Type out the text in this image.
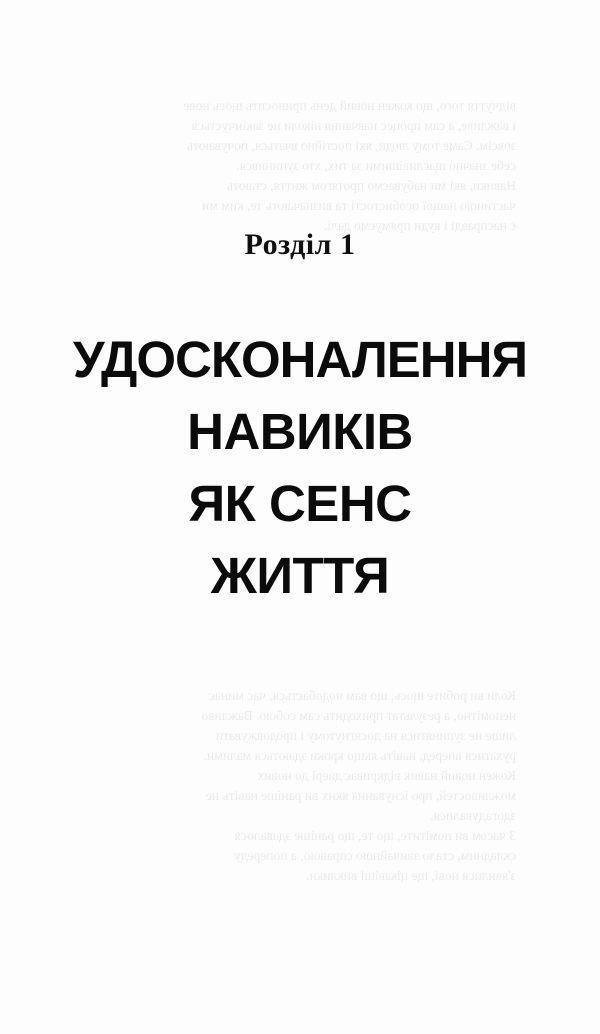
відчуття того, що кожен новий день приносить щось нове

і важливе, а сам процес навчання ніколи не закінчується

зовсім. Саме тому люди, які постійно вчаться, почувають

себе значно щасливішими за тих, хто зупинився.

Навики, які ми набуваємо протягом життя, стають

частиною нашої особистості та визначають те, ким ми

є насправді і куди прямуємо далі.

Розділ 1

УДОСКОНАЛЕННЯ
НАВИКІВ
ЯК СЕНС
ЖИТТЯ

Коли ви робите щось, що вам подобається, час минає

непомітно, а результат приходить сам собою. Важливо

лише не зупинятися на досягнутому і продовжувати

рухатися вперед, навіть якщо кроки здаються малими.

Кожен новий навик відкриває двері до нових

можливостей, про існування яких ви раніше навіть не

здогадувалися.

З часом ви помітите, що те, що раніше здавалося

складним, стало звичайною справою, а попереду

з'явилися нові, ще цікавіші виклики.
